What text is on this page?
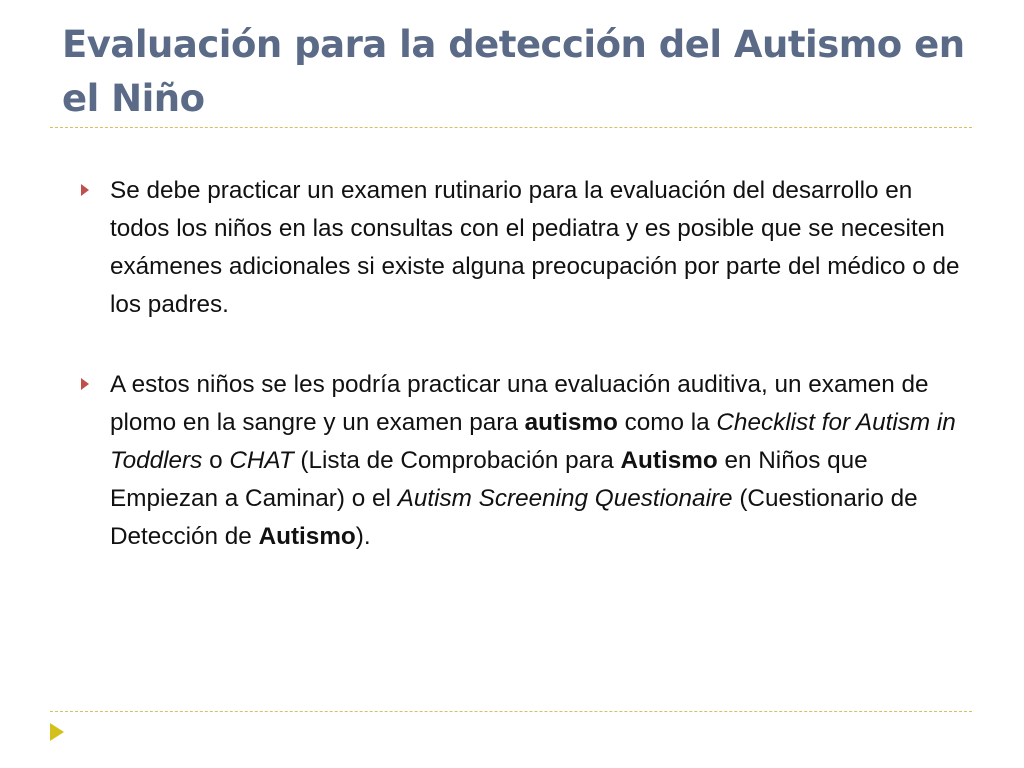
Evaluación para la detección del Autismo en el Niño
Se debe practicar un examen rutinario para la evaluación del desarrollo en todos los niños en las consultas con el pediatra y es posible que se necesiten exámenes adicionales si existe alguna preocupación por parte del médico o de los padres.
A estos niños se les podría practicar una evaluación auditiva, un examen de plomo en la sangre y un examen para autismo como la Checklist for Autism in Toddlers o CHAT (Lista de Comprobación para Autismo en Niños que Empiezan a Caminar) o el Autism Screening Questionaire (Cuestionario de Detección de Autismo).
